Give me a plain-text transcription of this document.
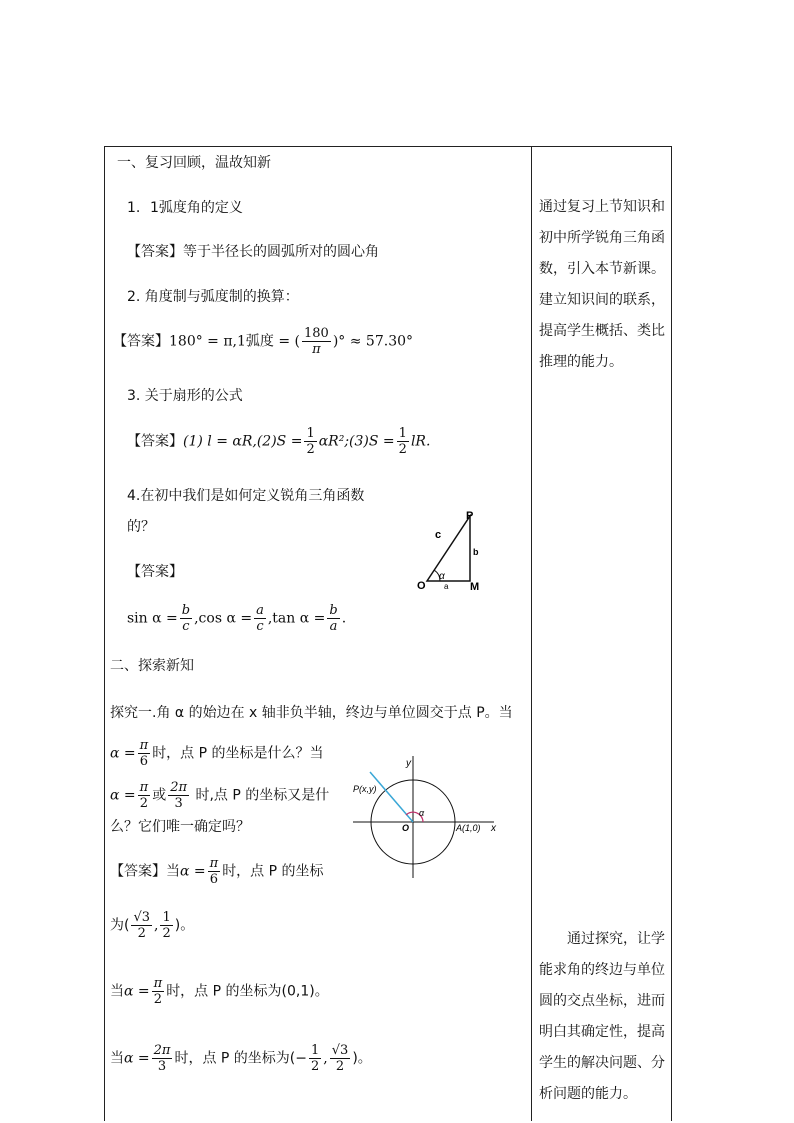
一、复习回顾，温故知新
1. 1弧度角的定义
【答案】等于半径长的圆弧所对的圆心角
2. 角度制与弧度制的换算：
【答案】180° = π,1弧度 = ( $\frac{180}{\pi}$ )° ≈ 57.30°
3. 关于扇形的公式
【答案】(1) $l = \alpha R,(2)S = \frac{1}{2}$ αR²;(3)S = $\frac{1}{2}$ lR.
4.在初中我们是如何定义锐角三角函数
的？
【答案】
$\sin \alpha = \frac{b}{c} ,\cos$ $\alpha = \frac{a}{c} ,\tan$ $\alpha = \frac{b}{a}$ .
P
M
O
c
b
a
α
二、探索新知
探究一.角 α 的始边在 x 轴非负半轴，终边与单位圆交于点 P。当
$\alpha = \frac{\pi}{6}$ 时，点 P 的坐标是什么？当
$\alpha = \frac{\pi}{2}$ 或 $\frac{2\pi}{3}$ 时,点 P 的坐标又是什
么？它们唯一确定吗？
【答案】当$\alpha = \frac{\pi}{6}$ 时，点 P 的坐标
为( $\frac{√3}{2}$ , $\frac{1}{2}$ )。
当$\alpha = \frac{\pi}{2}$ 时，点 P 的坐标为(0,1)。
当$\alpha = \frac{2\pi}{3}$ 时，点 P 的坐标为(− $\frac{1}{2}$ , $\frac{√3}{2}$ )。
y
x
P(x,y)
O	A(1,0)
α
通过复习上节知识和初中所学锐角三角函数，引入本节新课。建立知识间的联系，提高学生概括、类比推理的能力。
通过探究，让学能求角的终边与单位圆的交点坐标，进而明白其确定性，提高学生的解决问题、分析问题的能力。
